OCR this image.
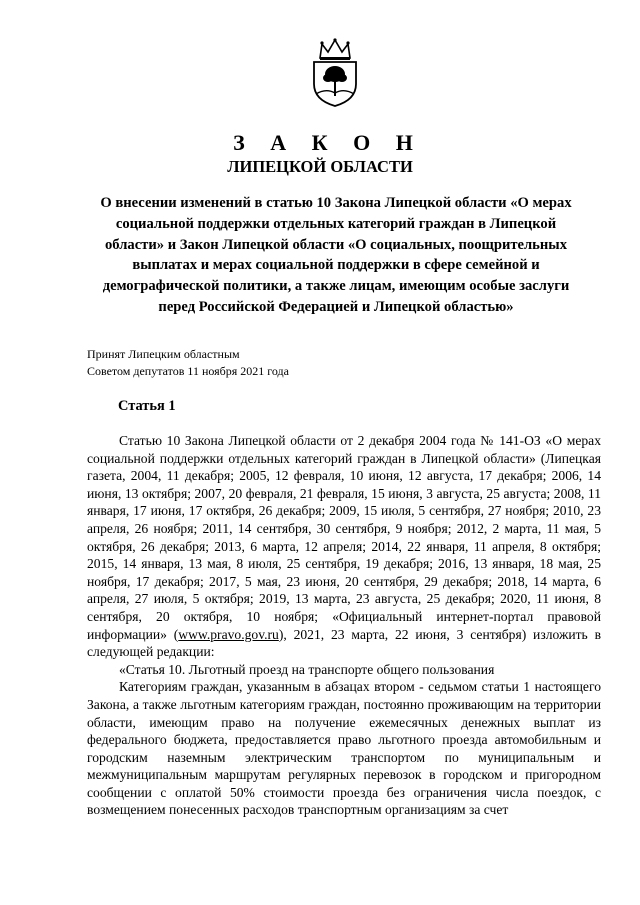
З А К О Н
ЛИПЕЦКОЙ ОБЛАСТИ

О внесении изменений в статью 10 Закона Липецкой области «О мерах социальной поддержки отдельных категорий граждан в Липецкой области» и Закон Липецкой области «О социальных, поощрительных выплатах и мерах социальной поддержки в сфере семейной и демографической политики, а также лицам, имеющим особые заслуги перед Российской Федерацией и Липецкой областью»

Принят Липецким областным
Советом депутатов 11 ноября 2021 года

Статья 1

Статью 10 Закона Липецкой области от 2 декабря 2004 года № 141-ОЗ «О мерах социальной поддержки отдельных категорий граждан в Липецкой области» (Липецкая газета, 2004, 11 декабря; 2005, 12 февраля, 10 июня, 12 августа, 17 декабря; 2006, 14 июня, 13 октября; 2007, 20 февраля, 21 февраля, 15 июня, 3 августа, 25 августа; 2008, 11 января, 17 июня, 17 октября, 26 декабря; 2009, 15 июля, 5 сентября, 27 ноября; 2010, 23 апреля, 26 ноября; 2011, 14 сентября, 30 сентября, 9 ноября; 2012, 2 марта, 11 мая, 5 октября, 26 декабря; 2013, 6 марта, 12 апреля; 2014, 22 января, 11 апреля, 8 октября; 2015, 14 января, 13 мая, 8 июля, 25 сентября, 19 декабря; 2016, 13 января, 18 мая, 25 ноября, 17 декабря; 2017, 5 мая, 23 июня, 20 сентября, 29 декабря; 2018, 14 марта, 6 апреля, 27 июля, 5 октября; 2019, 13 марта, 23 августа, 25 декабря; 2020, 11 июня, 8 сентября, 20 октября, 10 ноября; «Официальный интернет-портал правовой информации» (www.pravo.gov.ru), 2021, 23 марта, 22 июня, 3 сентября) изложить в следующей редакции:

«Статья 10. Льготный проезд на транспорте общего пользования

Категориям граждан, указанным в абзацах втором - седьмом статьи 1 настоящего Закона, а также льготным категориям граждан, постоянно проживающим на территории области, имеющим право на получение ежемесячных денежных выплат из федерального бюджета, предоставляется право льготного проезда автомобильным и городским наземным электрическим транспортом по муниципальным и межмуниципальным маршрутам регулярных перевозок в городском и пригородном сообщении с оплатой 50% стоимости проезда без ограничения числа поездок, с возмещением понесенных расходов транспортным организациям за счет
